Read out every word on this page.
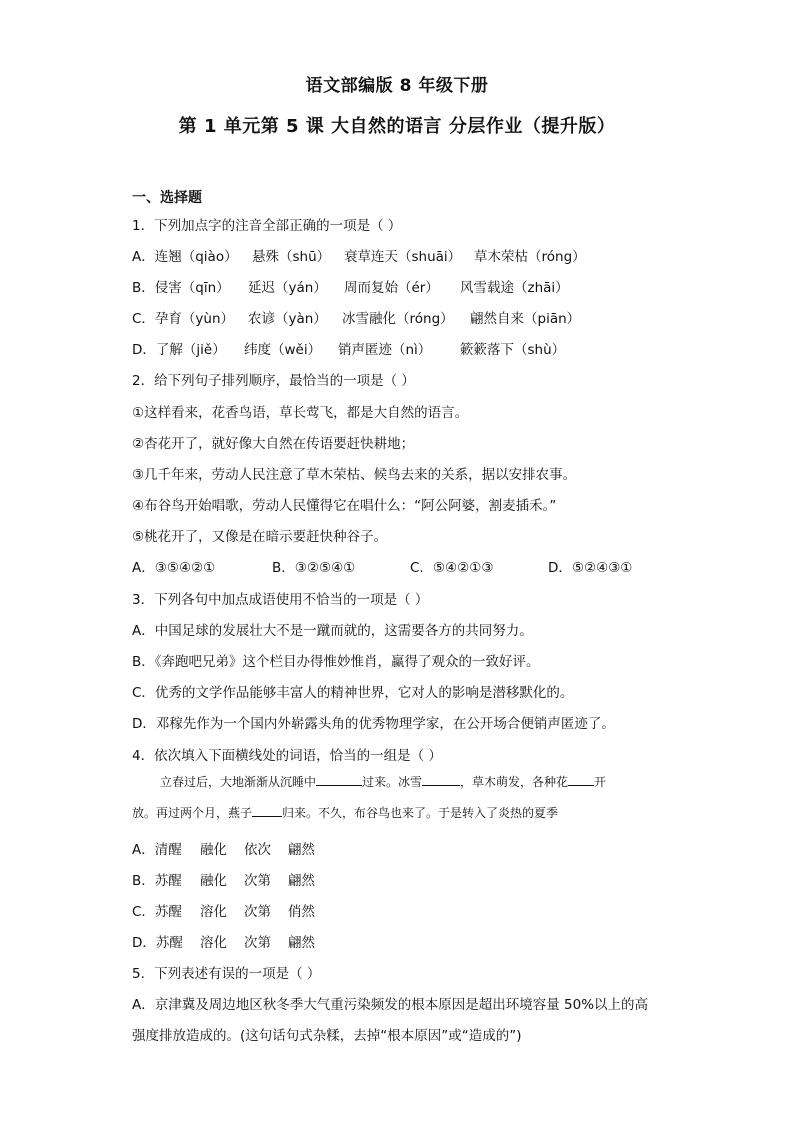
语文部编版 8 年级下册
第 1 单元第 5 课 大自然的语言 分层作业（提升版）
一、选择题
1．下列加点字的注音全部正确的一项是（ ）
A．连翘（qiào） 悬殊（shū） 衰草连天（shuāi） 草木荣枯（róng）
B．侵害（qīn） 延迟（yán） 周而复始（ér） 风雪载途（zhāi）
C．孕育（yùn） 农谚（yàn） 冰雪融化（róng） 翩然自来（piān）
D．了解（jiě） 纬度（wěi） 销声匿迹（nì） 簌簌落下（shù）
2．给下列句子排列顺序，最恰当的一项是（ ）
①这样看来，花香鸟语，草长莺飞，都是大自然的语言。
②杏花开了，就好像大自然在传语要赶快耕地；
③几千年来，劳动人民注意了草木荣枯、候鸟去来的关系，据以安排农事。
④布谷鸟开始唱歌，劳动人民懂得它在唱什么：“阿公阿婆，割麦插禾。”
⑤桃花开了，又像是在暗示要赶快种谷子。
A．③⑤④②①	B．③②⑤④①	C．⑤④②①③	D．⑤②④③①
3．下列各句中加点成语使用不恰当的一项是（ ）
A．中国足球的发展壮大不是一蹴而就的，这需要各方的共同努力。
B．《奔跑吧兄弟》这个栏目办得惟妙惟肖，赢得了观众的一致好评。
C．优秀的文学作品能够丰富人的精神世界，它对人的影响是潜移默化的。
D．邓稼先作为一个国内外崭露头角的优秀物理学家，在公开场合便销声匿迹了。
4．依次填入下面横线处的词语，恰当的一组是（ ）
立春过后，大地渐渐从沉睡中	过来。冰雪	，草木萌发，各种花 开
放。再过两个月，燕子	归来。不久，布谷鸟也来了。于是转入了炎热的夏季
A．清醒 融化 依次 翩然
B．苏醒 融化 次第 翩然
C．苏醒 溶化 次第 俏然
D．苏醒 溶化 次第 翩然
5．下列表述有误的一项是（ ）
A．京津冀及周边地区秋冬季大气重污染频发的根本原因是超出环境容量 50%以上的高
强度排放造成的。(这句话句式杂糅，去掉“根本原因”或“造成的”)
